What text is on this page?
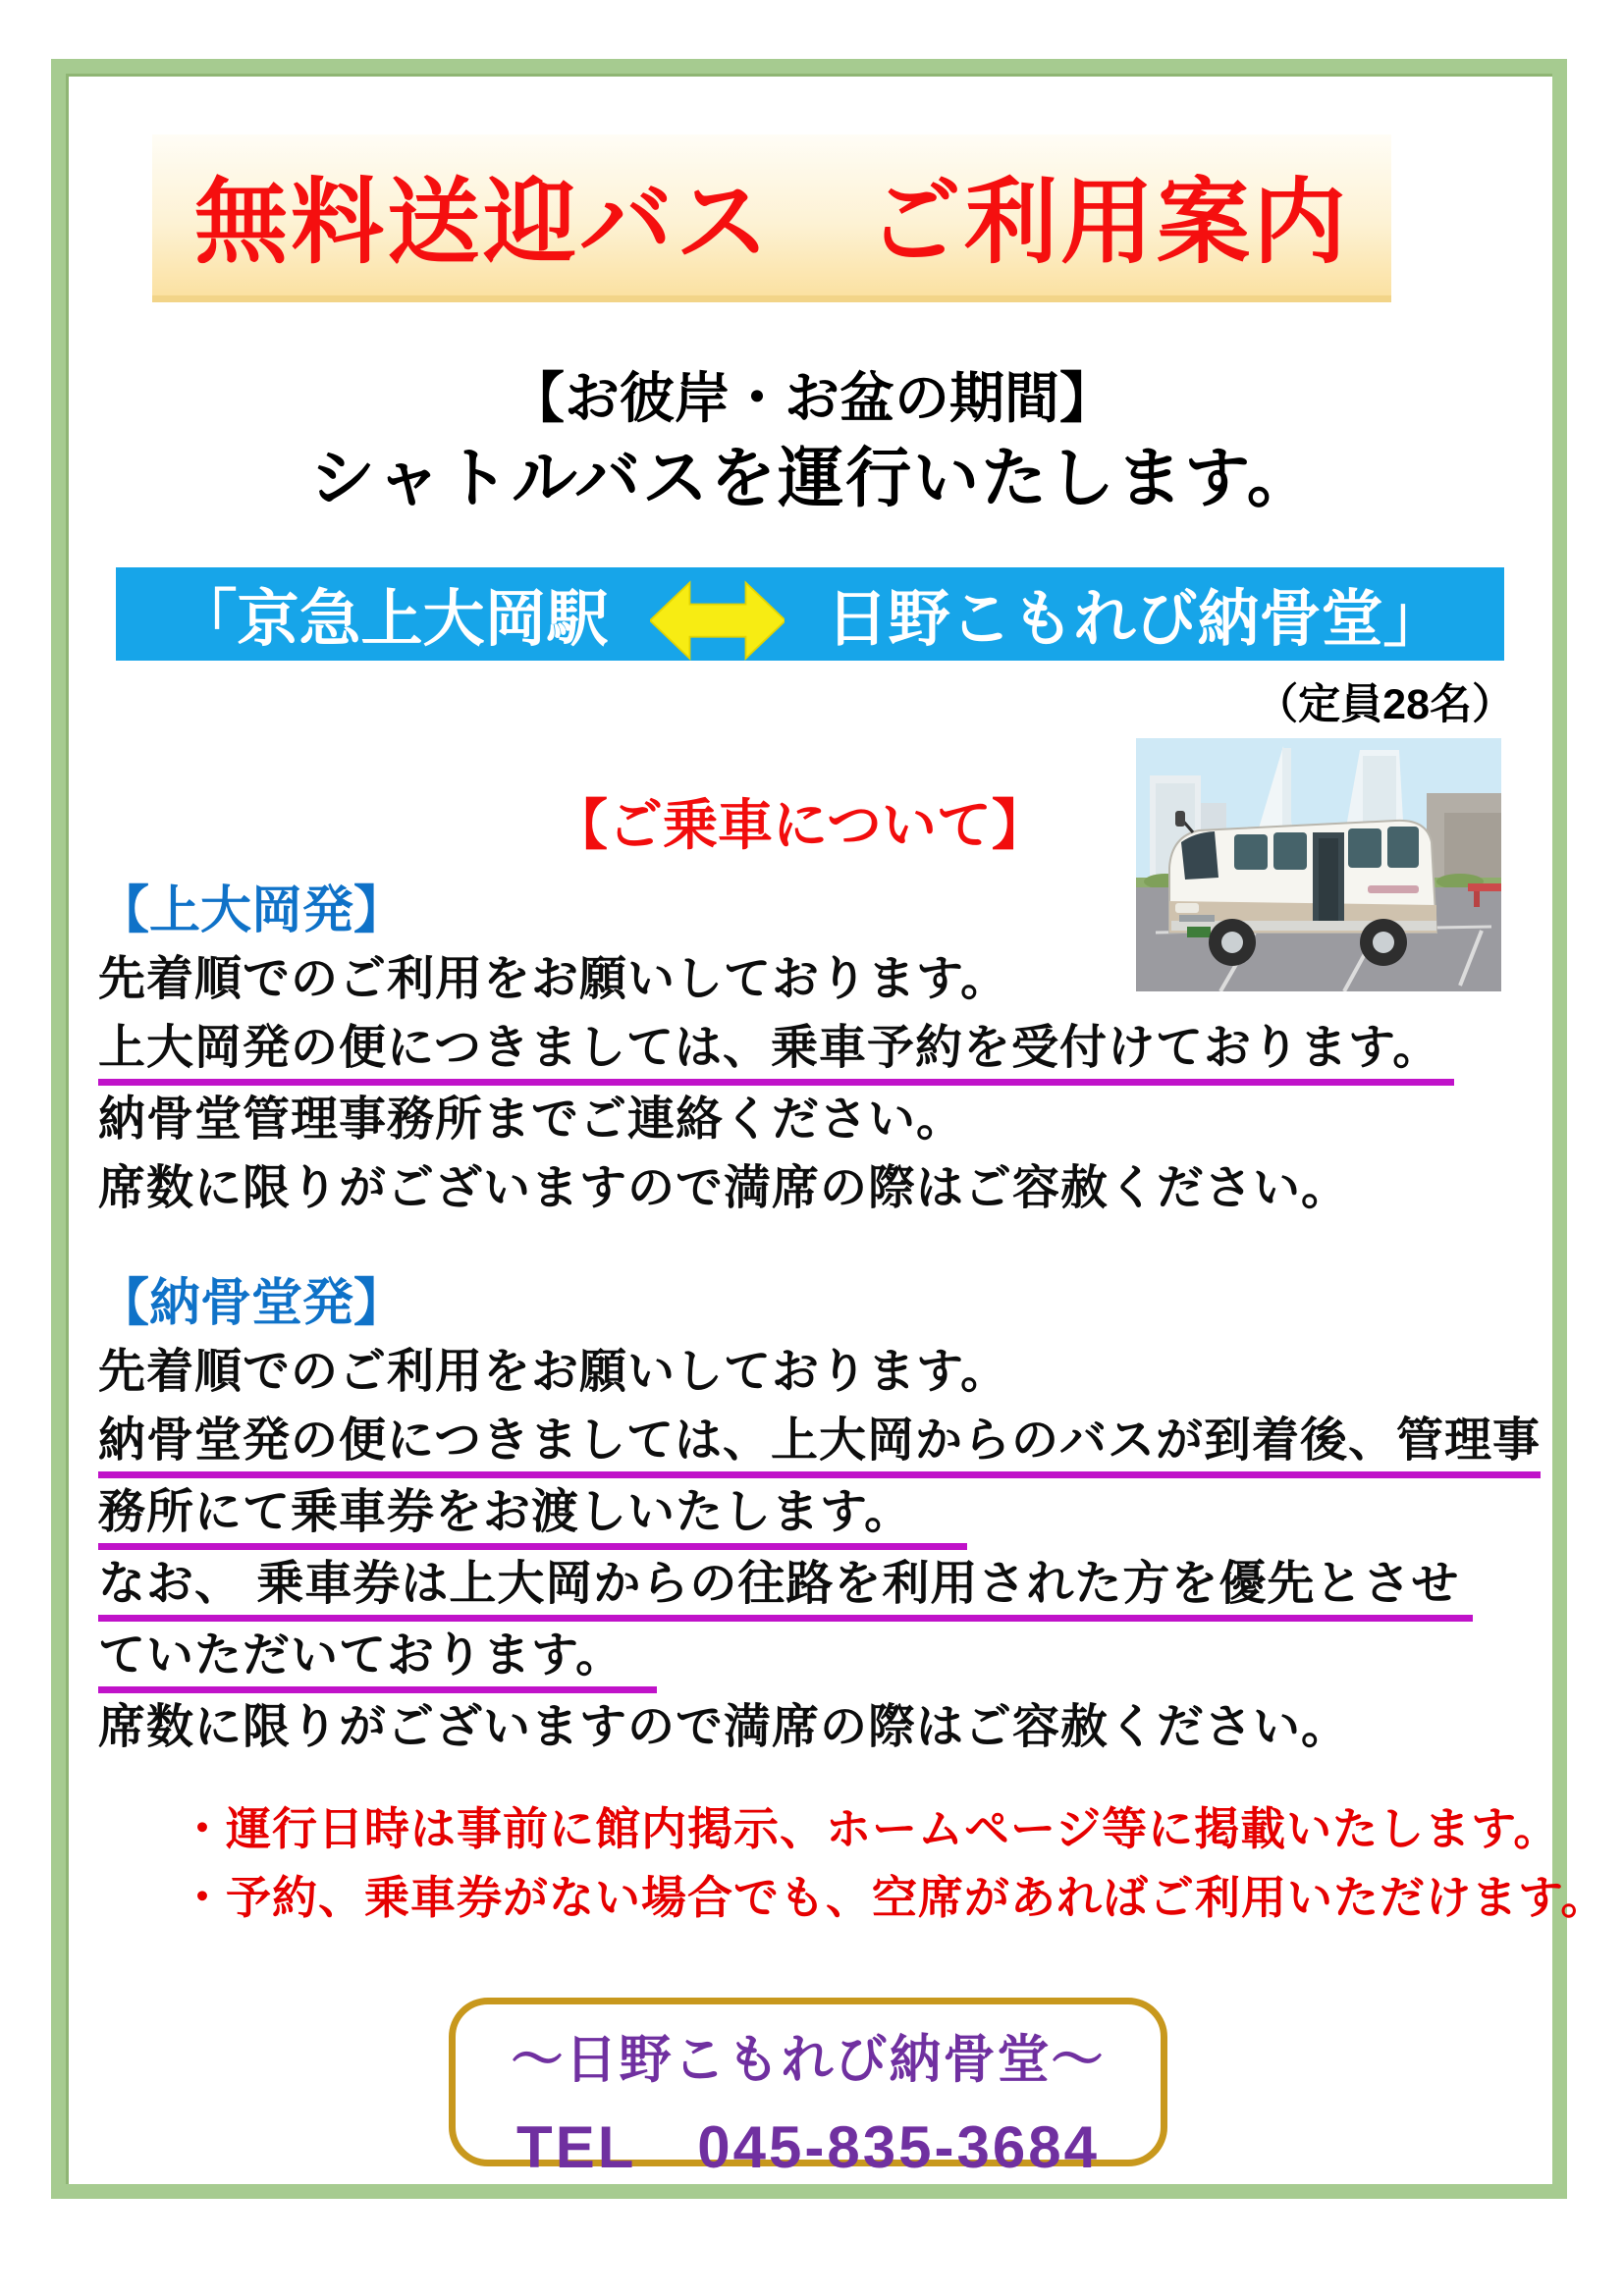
無料送迎バス　ご利用案内
【お彼岸・お盆の期間】
シャトルバスを運行いたします。
「京急上大岡駅	日野こもれび納骨堂」
（定員28名）
【ご乗車について】
【上大岡発】
先着順でのご利用をお願いしております。
上大岡発の便につきましては、乗車予約を受付けております。
納骨堂管理事務所までご連絡ください。
席数に限りがございますので満席の際はご容赦ください。
【納骨堂発】
先着順でのご利用をお願いしております。
納骨堂発の便につきましては、上大岡からのバスが到着後、管理事
務所にて乗車券をお渡しいたします。
なお、 乗車券は上大岡からの往路を利用された方を優先とさせ
ていただいております。
席数に限りがございますので満席の際はご容赦ください。
・運行日時は事前に館内掲示、ホームページ等に掲載いたします。
・予約、乗車券がない場合でも、空席があればご利用いただけます。
～日野こもれび納骨堂～
TEL　045-835-3684
